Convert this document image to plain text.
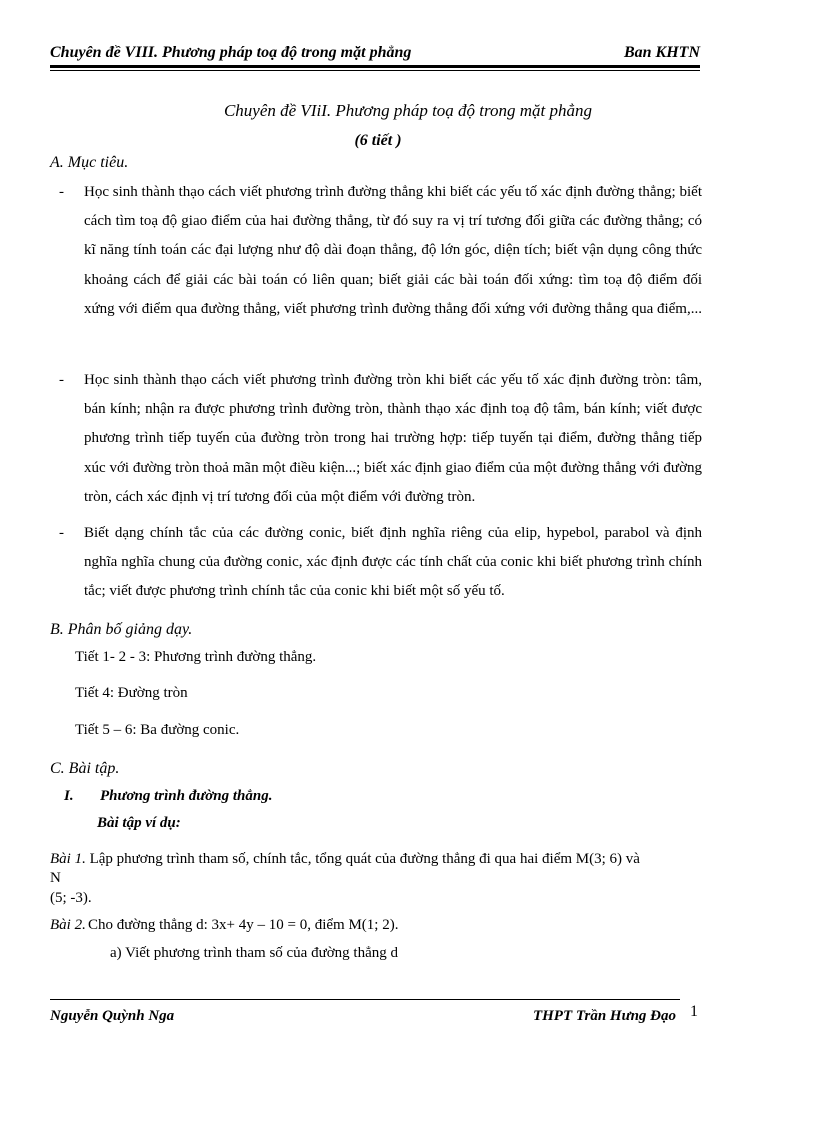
Chuyên đề VIII. Phương pháp toạ độ trong mặt phẳng	Ban KHTN
Chuyên đề VIiI. Phương pháp toạ độ trong mặt phẳng
(6 tiết )
A. Mục tiêu.
- Học sinh thành thạo cách viết phương trình đường thẳng khi biết các yếu tố xác định đường thẳng; biết cách tìm toạ độ giao điểm của hai đường thẳng, từ đó suy ra vị trí tương đối giữa các đường thẳng; có kĩ năng tính toán các đại lượng như độ dài đoạn thẳng, độ lớn góc, diện tích; biết vận dụng công thức khoảng cách để giải các bài toán có liên quan; biết giải các bài toán đối xứng: tìm toạ độ điểm đối xứng với điểm qua đường thẳng, viết phương trình đường thẳng đối xứng với đường thẳng qua điểm,...
- Học sinh thành thạo cách viết phương trình đường tròn khi biết các yếu tố xác định đường tròn: tâm, bán kính; nhận ra được phương trình đường tròn, thành thạo xác định toạ độ tâm, bán kính; viết được phương trình tiếp tuyến của đường tròn trong hai trường hợp: tiếp tuyến tại điểm, đường thẳng tiếp xúc với đường tròn thoả mãn một điều kiện...; biết xác định giao điểm của một đường thẳng với đường tròn, cách xác định vị trí tương đối của một điểm với đường tròn.
- Biết dạng chính tắc của các đường conic, biết định nghĩa riêng của elip, hypebol, parabol và định nghĩa nghĩa chung của đường conic, xác định được các tính chất của conic khi biết phương trình chính tắc; viết được phương trình chính tắc của conic khi biết một số yếu tố.
B. Phân bố giảng dạy.
Tiết 1- 2 - 3: Phương trình đường thẳng.
Tiết 4: Đường tròn
Tiết 5 – 6: Ba đường conic.
C. Bài tập.
I. Phương trình đường thẳng.
Bài tập ví dụ:
Bài 1. Lập phương trình tham số, chính tắc, tổng quát của đường thẳng đi qua hai điểm M(3; 6) và
N
(5; -3).
Bài 2. Cho đường thẳng d: 3x+ 4y – 10 = 0, điểm M(1; 2).
a) Viết phương trình tham số của đường thẳng d
Nguyễn Quỳnh Nga	THPT Trần Hưng Đạo 1
